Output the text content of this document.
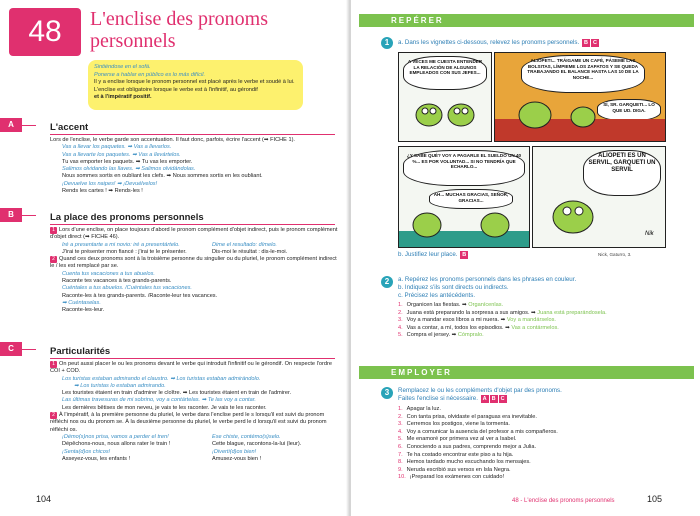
48	L'enclise des pronoms personnels
Sintiéndose en el sofá.
Ponerse a hablar en público es lo más difícil.
Il y a enclise lorsque le pronom personnel est placé après le verbe et soudé à lui.
L'enclise est obligatoire lorsque le verbe est à l'infinitif, au gérondif
et à l'impératif positif.
A	L'accent
Lors de l'enclise, le verbe garde son accentuation. Il faut donc, parfois, écrire l'accent (➡ FICHE 1).
Vas a llevar los paquetes. ➡ Vas a llevarlos.
Vas a llevarte los paquetes. ➡ Vas a llevártelos.
Tu vas emporter les paquets. ➡ Tu vas les emporter.
Salimos olvidando las llaves. ➡ Salimos olvidándolas.
Nous sommes sortis en oubliant les clefs. ➡ Nous sommes sortis en les oubliant.
¡Devuelve los naipes! ➡ ¡Devuélvelos!
Rends les cartes ! ➡ Rends-les !
B	La place des pronoms personnels
1 Lors d'une enclise, on place toujours d'abord le pronom complément d'objet indirect, puis le pronom complément d'objet direct (➡ FICHE 46).
Iré a presentarte a mi novio: iré a presentártelo.
J'irai te présenter mon fiancé : j'irai te le présenter.
Dime el resultado: dímelo.
Dis-moi le résultat : dis-le-moi.
2 Quand ces deux pronoms sont à la troisième personne du singulier ou du pluriel, le pronom complément indirect le / les est remplacé par se.
Cuenta tus vacaciones a tus abuelos.
Raconte tes vacances à tes grands-parents.
Cuéntales a tus abuelos. /Cuéntales tus vacaciones.
Raconte-les à tes grands-parents. /Raconte-leur tes vacances.
➡ Cuéntaselas.
Raconte-les-leur.
C	Particularités
1 On peut aussi placer le ou les pronoms devant le verbe qui introduit l'infinitif ou le gérondif. On respecte l'ordre COI + COD.
Los turistas estaban admirando el claustro. ➡ Los turistas estaban admirándolo.
➡ Los turistas lo estaban admirando.
Les touristes étaient en train d'admirer le cloître. ➡ Les touristes étaient en train de l'admirer.
Las últimas travesuras de mi sobrino, voy a contártelas. ➡ Te las voy a contar.
Les dernières bêtises de mon neveu, je vais te les raconter. Je vais te les raconter.
2 À l'impératif, à la première personne du pluriel, le verbe dans l'enclise perd le s lorsqu'il est suivi du pronom réfléchi nos ou du pronom se. À la deuxième personne du pluriel, le verbe perd le d lorsqu'il est suivi du pronom réfléchi os.
¡Démo(s)nos prisa, vamos a perder el tren!
Dépêchons-nous, nous allons rater le train !
¡Senta(d)os chicos!
Asseyez-vous, les enfants !
Ese chiste, contémo(s)selo.
Cette blague, racontons-la-lui (leur).
¡Diverti(d)os bien!
Amusez-vous bien !
104
REPÉRER
1	a. Dans les vignettes ci-dessous, relevez les pronoms personnels. B C
A VECES ME CUESTA ENTENDER LA RELACIÓN DE ALGUNOS EMPLEADOS CON SUS JEFES...
ALIOPETI... TRÁIGAME UN CAFÉ, PÁSEME LAS BOLSITAS, LÍMPIEME LOS ZAPATOS Y SE QUEDA TRABAJANDO EL BALANCE HASTA LAS 10 DE LA NOCHE...
SÍ, SR. GARQUETI... LO QUE UD. DIGA.
¿Y SABE QUÉ? VOY A PAGARLE EL SUELDO UN 40 %... ES POR VOLUNTAD... SI NO TENDRÍA QUE ECHARLO...
AH... MUCHAS GRACIAS, SEÑOR, GRACIAS...
ALIOPETI ES UN SERVIL, GARQUETI UN SERVIL
Nik
Nick, Gaturro, 3.
b. Justifiez leur place. B
2	a. Repérez les pronoms personnels dans les phrases en couleur.
b. Indiquez s'ils sont directs ou indirects.
c. Précisez les antécédents.
1. Organicen las fiestas. ➡ Organícenlas.
2. Juana está preparando la sorpresa a sus amigos. ➡ Juana está preparándosela.
3. Voy a mandar esos libros a mi nuera. ➡ Voy a mandárselos.
4. Vas a contar, a mí, todos los episodios. ➡ Vas a contármelos.
5. Compra el jersey. ➡ Cómpralo.
EMPLOYER
3	Remplacez le ou les compléments d'objet par des pronoms.
Faites l'enclise si nécessaire. A B C
1. Apagar la luz.
2. Con tanta prisa, olvidaste el paraguas era inevitable.
3. Cerremos los postigos, viene la tormenta.
4. Voy a comunicar la ausencia del profesor a mis compañeros.
5. Me enamoré por primera vez al ver a Isabel.
6. Conociendo a sus padres, comprendo mejor a Julia.
7. Te ha costado encontrar este piso a tu hija.
8. Hemos tardado mucho escuchando los mensajes.
9. Neruda escribió sus versos en Isla Negra.
10. ¡Preparad los exámenes con cuidado!
48 - L'enclise des pronoms personnels	105
